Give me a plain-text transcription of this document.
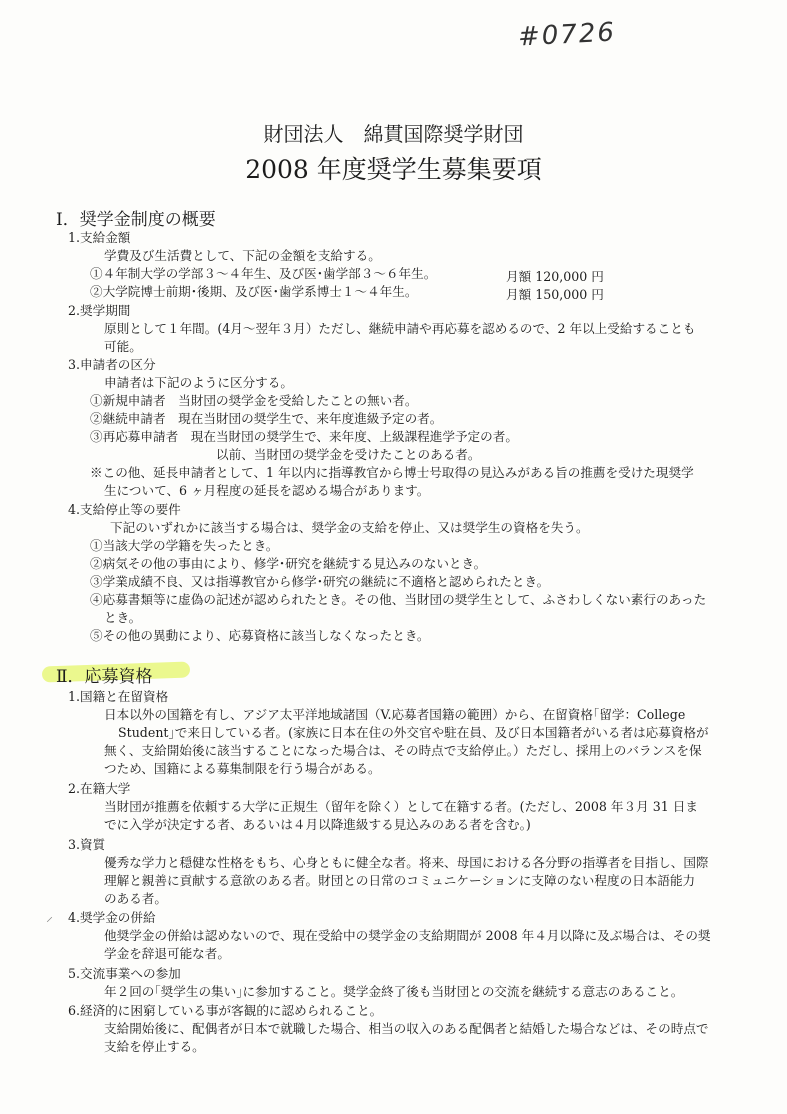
#0726
財団法人　綿貫国際奨学財団
2008 年度奨学生募集要項
Ⅰ．奨学金制度の概要
1.支給金額
学費及び生活費として、下記の金額を支給する。
①４年制大学の学部３～４年生、及び医･歯学部３～６年生。	月額 120,000 円
②大学院博士前期･後期、及び医･歯学系博士１～４年生。	月額 150,000 円
2.奨学期間
原則として１年間。(4月～翌年３月）ただし、継続申請や再応募を認めるので、2 年以上受給することも
可能。
3.申請者の区分
申請者は下記のように区分する。
①新規申請者　当財団の奨学金を受給したことの無い者。
②継続申請者　現在当財団の奨学生で、来年度進級予定の者。
③再応募申請者　現在当財団の奨学生で、来年度、上級課程進学予定の者。
以前、当財団の奨学金を受けたことのある者。
※この他、延長申請者として、1 年以内に指導教官から博士号取得の見込みがある旨の推薦を受けた現奨学
生について、6 ヶ月程度の延長を認める場合があります。
4.支給停止等の要件
下記のいずれかに該当する場合は、奨学金の支給を停止、又は奨学生の資格を失う。
①当該大学の学籍を失ったとき。
②病気その他の事由により、修学･研究を継続する見込みのないとき。
③学業成績不良、又は指導教官から修学･研究の継続に不適格と認められたとき。
④応募書類等に虚偽の記述が認められたとき。その他、当財団の奨学生として、ふさわしくない素行のあった
とき。
⑤その他の異動により、応募資格に該当しなくなったとき。
Ⅱ．応募資格
1.国籍と在留資格
日本以外の国籍を有し、アジア太平洋地域諸国（V.応募者国籍の範囲）から、在留資格｢留学：College
Student｣で来日している者。(家族に日本在住の外交官や駐在員、及び日本国籍者がいる者は応募資格が
無く、支給開始後に該当することになった場合は、その時点で支給停止。）ただし、採用上のバランスを保
つため、国籍による募集制限を行う場合がある。
2.在籍大学
当財団が推薦を依頼する大学に正規生（留年を除く）として在籍する者。(ただし、2008 年３月 31 日ま
でに入学が決定する者、あるいは４月以降進級する見込みのある者を含む。)
3.資質
優秀な学力と穏健な性格をもち、心身ともに健全な者。将来、母国における各分野の指導者を目指し、国際
理解と親善に貢献する意欲のある者。財団との日常のコミュニケーションに支障のない程度の日本語能力
のある者。
⸝ 4.奨学金の併給
他奨学金の併給は認めないので、現在受給中の奨学金の支給期間が 2008 年４月以降に及ぶ場合は、その奨
学金を辞退可能な者。
5.交流事業への参加
年２回の｢奨学生の集い｣に参加すること。奨学金終了後も当財団との交流を継続する意志のあること。
6.経済的に困窮している事が客観的に認められること。
支給開始後に、配偶者が日本で就職した場合、相当の収入のある配偶者と結婚した場合などは、その時点で
支給を停止する。
